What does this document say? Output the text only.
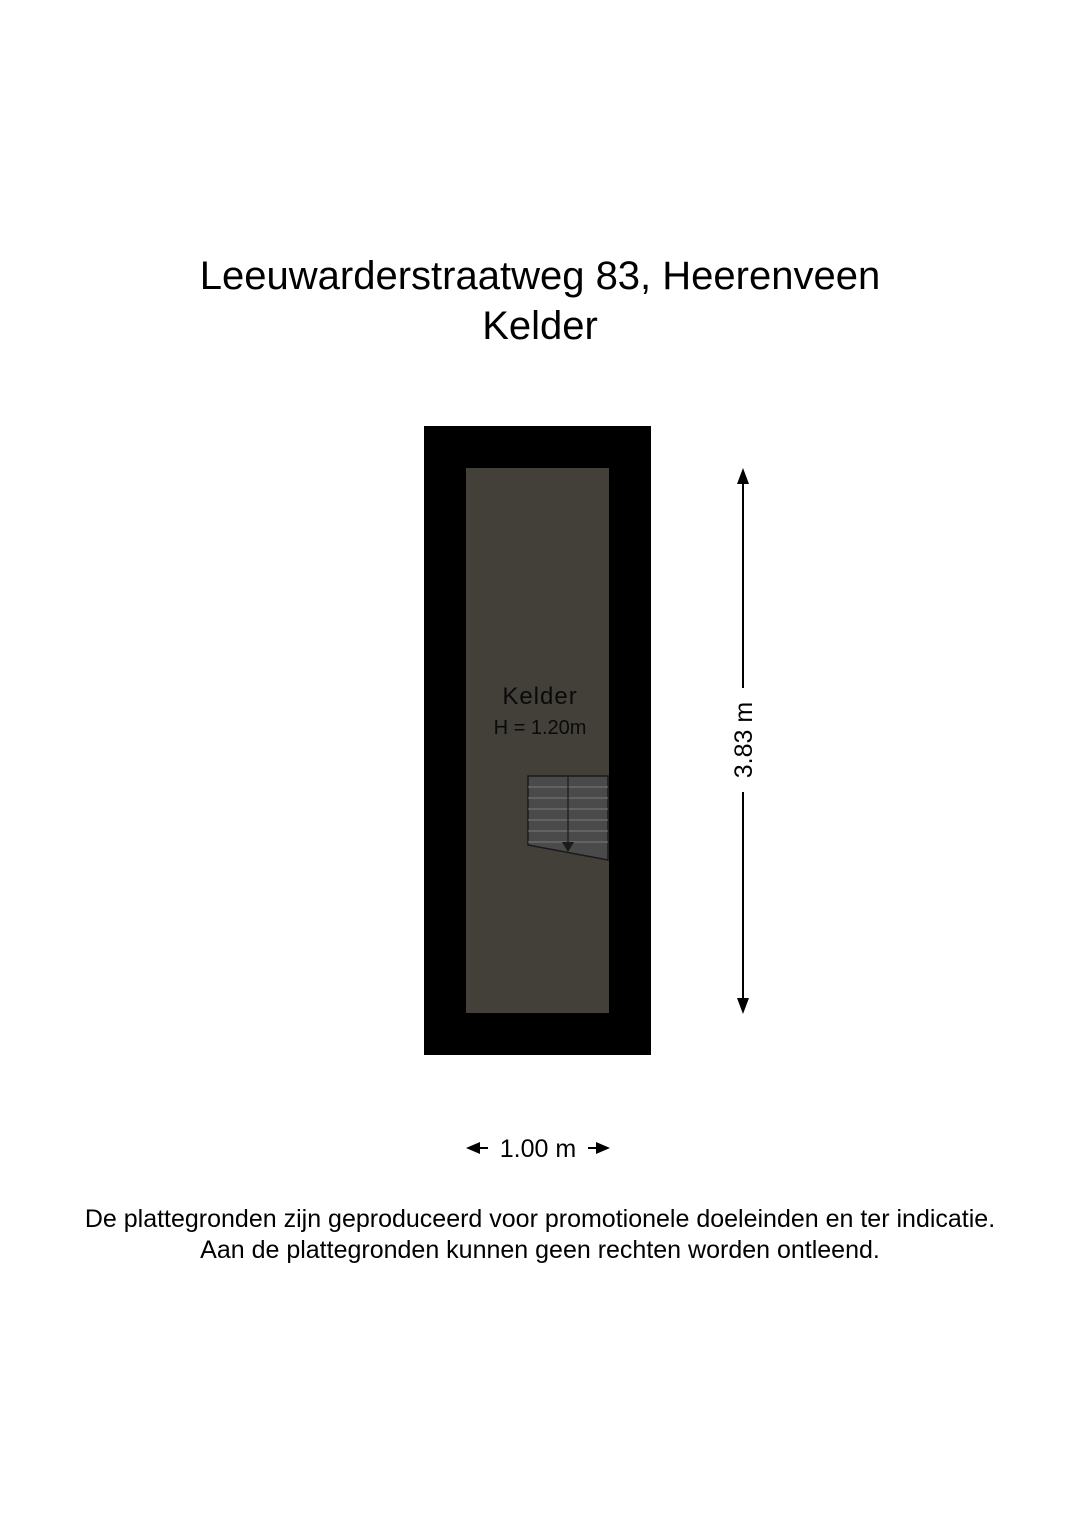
Leeuwarderstraatweg 83, Heerenveen
Kelder
Kelder
H = 1.20m	3.83 m
1.00 m

De plattegronden zijn geproduceerd voor promotionele doeleinden en ter indicatie.

Aan de plattegronden kunnen geen rechten worden ontleend.
